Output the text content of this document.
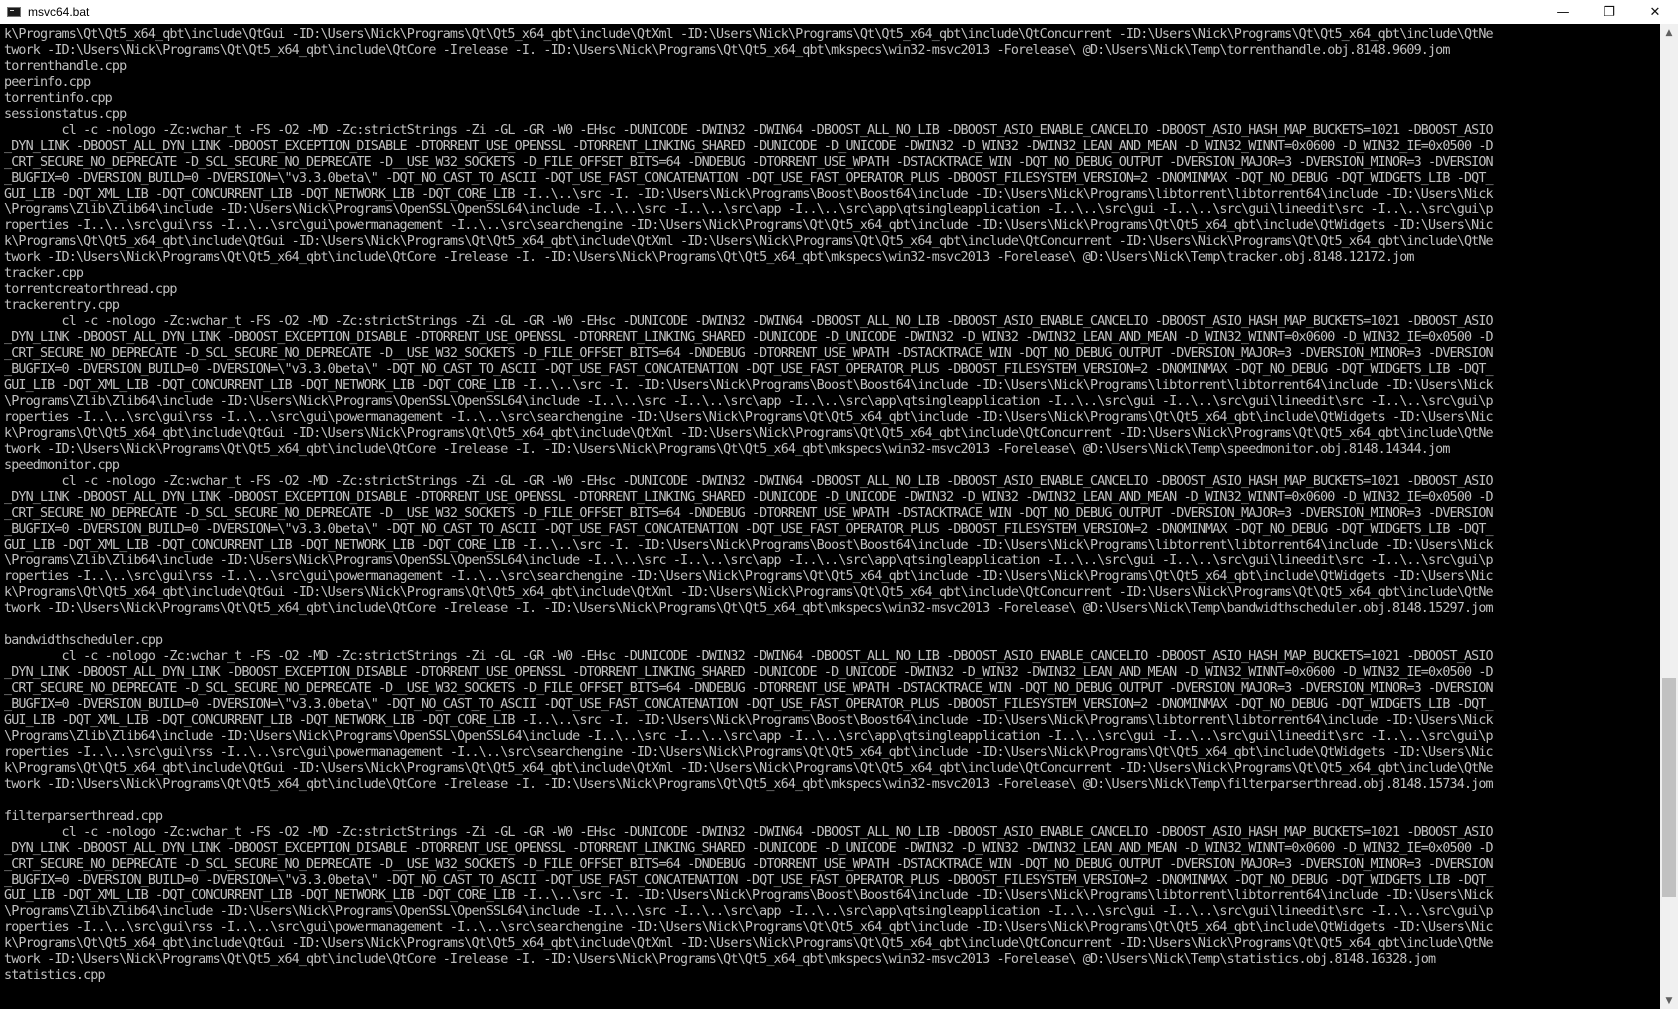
msvc64.bat	—	❐	✕
k\Programs\Qt\Qt5_x64_qbt\include\QtGui -ID:\Users\Nick\Programs\Qt\Qt5_x64_qbt\include\QtXml -ID:\Users\Nick\Programs\Qt\Qt5_x64_qbt\include\QtConcurrent -ID:\Users\Nick\Programs\Qt\Qt5_x64_qbt\include\QtNe
twork -ID:\Users\Nick\Programs\Qt\Qt5_x64_qbt\include\QtCore -Irelease -I. -ID:\Users\Nick\Programs\Qt\Qt5_x64_qbt\mkspecs\win32-msvc2013 -Forelease\ @D:\Users\Nick\Temp\torrenthandle.obj.8148.9609.jom
torrenthandle.cpp
peerinfo.cpp
torrentinfo.cpp
sessionstatus.cpp
cl -c -nologo -Zc:wchar_t -FS -O2 -MD -Zc:strictStrings -Zi -GL -GR -W0 -EHsc -DUNICODE -DWIN32 -DWIN64 -DBOOST_ALL_NO_LIB -DBOOST_ASIO_ENABLE_CANCELIO -DBOOST_ASIO_HASH_MAP_BUCKETS=1021 -DBOOST_ASIO
_DYN_LINK -DBOOST_ALL_DYN_LINK -DBOOST_EXCEPTION_DISABLE -DTORRENT_USE_OPENSSL -DTORRENT_LINKING_SHARED -DUNICODE -D_UNICODE -DWIN32 -D_WIN32 -DWIN32_LEAN_AND_MEAN -D_WIN32_WINNT=0x0600 -D_WIN32_IE=0x0500 -D
_CRT_SECURE_NO_DEPRECATE -D_SCL_SECURE_NO_DEPRECATE -D__USE_W32_SOCKETS -D_FILE_OFFSET_BITS=64 -DNDEBUG -DTORRENT_USE_WPATH -DSTACKTRACE_WIN -DQT_NO_DEBUG_OUTPUT -DVERSION_MAJOR=3 -DVERSION_MINOR=3 -DVERSION
_BUGFIX=0 -DVERSION_BUILD=0 -DVERSION=\"v3.3.0beta\" -DQT_NO_CAST_TO_ASCII -DQT_USE_FAST_CONCATENATION -DQT_USE_FAST_OPERATOR_PLUS -DBOOST_FILESYSTEM_VERSION=2 -DNOMINMAX -DQT_NO_DEBUG -DQT_WIDGETS_LIB -DQT_
GUI_LIB -DQT_XML_LIB -DQT_CONCURRENT_LIB -DQT_NETWORK_LIB -DQT_CORE_LIB -I..\..\src -I. -ID:\Users\Nick\Programs\Boost\Boost64\include -ID:\Users\Nick\Programs\libtorrent\libtorrent64\include -ID:\Users\Nick
\Programs\Zlib\Zlib64\include -ID:\Users\Nick\Programs\OpenSSL\OpenSSL64\include -I..\..\src -I..\..\src\app -I..\..\src\app\qtsingleapplication -I..\..\src\gui -I..\..\src\gui\lineedit\src -I..\..\src\gui\p
roperties -I..\..\src\gui\rss -I..\..\src\gui\powermanagement -I..\..\src\searchengine -ID:\Users\Nick\Programs\Qt\Qt5_x64_qbt\include -ID:\Users\Nick\Programs\Qt\Qt5_x64_qbt\include\QtWidgets -ID:\Users\Nic
k\Programs\Qt\Qt5_x64_qbt\include\QtGui -ID:\Users\Nick\Programs\Qt\Qt5_x64_qbt\include\QtXml -ID:\Users\Nick\Programs\Qt\Qt5_x64_qbt\include\QtConcurrent -ID:\Users\Nick\Programs\Qt\Qt5_x64_qbt\include\QtNe
twork -ID:\Users\Nick\Programs\Qt\Qt5_x64_qbt\include\QtCore -Irelease -I. -ID:\Users\Nick\Programs\Qt\Qt5_x64_qbt\mkspecs\win32-msvc2013 -Forelease\ @D:\Users\Nick\Temp\tracker.obj.8148.12172.jom
tracker.cpp
torrentcreatorthread.cpp
trackerentry.cpp
cl -c -nologo -Zc:wchar_t -FS -O2 -MD -Zc:strictStrings -Zi -GL -GR -W0 -EHsc -DUNICODE -DWIN32 -DWIN64 -DBOOST_ALL_NO_LIB -DBOOST_ASIO_ENABLE_CANCELIO -DBOOST_ASIO_HASH_MAP_BUCKETS=1021 -DBOOST_ASIO
_DYN_LINK -DBOOST_ALL_DYN_LINK -DBOOST_EXCEPTION_DISABLE -DTORRENT_USE_OPENSSL -DTORRENT_LINKING_SHARED -DUNICODE -D_UNICODE -DWIN32 -D_WIN32 -DWIN32_LEAN_AND_MEAN -D_WIN32_WINNT=0x0600 -D_WIN32_IE=0x0500 -D
_CRT_SECURE_NO_DEPRECATE -D_SCL_SECURE_NO_DEPRECATE -D__USE_W32_SOCKETS -D_FILE_OFFSET_BITS=64 -DNDEBUG -DTORRENT_USE_WPATH -DSTACKTRACE_WIN -DQT_NO_DEBUG_OUTPUT -DVERSION_MAJOR=3 -DVERSION_MINOR=3 -DVERSION
_BUGFIX=0 -DVERSION_BUILD=0 -DVERSION=\"v3.3.0beta\" -DQT_NO_CAST_TO_ASCII -DQT_USE_FAST_CONCATENATION -DQT_USE_FAST_OPERATOR_PLUS -DBOOST_FILESYSTEM_VERSION=2 -DNOMINMAX -DQT_NO_DEBUG -DQT_WIDGETS_LIB -DQT_
GUI_LIB -DQT_XML_LIB -DQT_CONCURRENT_LIB -DQT_NETWORK_LIB -DQT_CORE_LIB -I..\..\src -I. -ID:\Users\Nick\Programs\Boost\Boost64\include -ID:\Users\Nick\Programs\libtorrent\libtorrent64\include -ID:\Users\Nick
\Programs\Zlib\Zlib64\include -ID:\Users\Nick\Programs\OpenSSL\OpenSSL64\include -I..\..\src -I..\..\src\app -I..\..\src\app\qtsingleapplication -I..\..\src\gui -I..\..\src\gui\lineedit\src -I..\..\src\gui\p
roperties -I..\..\src\gui\rss -I..\..\src\gui\powermanagement -I..\..\src\searchengine -ID:\Users\Nick\Programs\Qt\Qt5_x64_qbt\include -ID:\Users\Nick\Programs\Qt\Qt5_x64_qbt\include\QtWidgets -ID:\Users\Nic
k\Programs\Qt\Qt5_x64_qbt\include\QtGui -ID:\Users\Nick\Programs\Qt\Qt5_x64_qbt\include\QtXml -ID:\Users\Nick\Programs\Qt\Qt5_x64_qbt\include\QtConcurrent -ID:\Users\Nick\Programs\Qt\Qt5_x64_qbt\include\QtNe
twork -ID:\Users\Nick\Programs\Qt\Qt5_x64_qbt\include\QtCore -Irelease -I. -ID:\Users\Nick\Programs\Qt\Qt5_x64_qbt\mkspecs\win32-msvc2013 -Forelease\ @D:\Users\Nick\Temp\speedmonitor.obj.8148.14344.jom
speedmonitor.cpp
cl -c -nologo -Zc:wchar_t -FS -O2 -MD -Zc:strictStrings -Zi -GL -GR -W0 -EHsc -DUNICODE -DWIN32 -DWIN64 -DBOOST_ALL_NO_LIB -DBOOST_ASIO_ENABLE_CANCELIO -DBOOST_ASIO_HASH_MAP_BUCKETS=1021 -DBOOST_ASIO
_DYN_LINK -DBOOST_ALL_DYN_LINK -DBOOST_EXCEPTION_DISABLE -DTORRENT_USE_OPENSSL -DTORRENT_LINKING_SHARED -DUNICODE -D_UNICODE -DWIN32 -D_WIN32 -DWIN32_LEAN_AND_MEAN -D_WIN32_WINNT=0x0600 -D_WIN32_IE=0x0500 -D
_CRT_SECURE_NO_DEPRECATE -D_SCL_SECURE_NO_DEPRECATE -D__USE_W32_SOCKETS -D_FILE_OFFSET_BITS=64 -DNDEBUG -DTORRENT_USE_WPATH -DSTACKTRACE_WIN -DQT_NO_DEBUG_OUTPUT -DVERSION_MAJOR=3 -DVERSION_MINOR=3 -DVERSION
_BUGFIX=0 -DVERSION_BUILD=0 -DVERSION=\"v3.3.0beta\" -DQT_NO_CAST_TO_ASCII -DQT_USE_FAST_CONCATENATION -DQT_USE_FAST_OPERATOR_PLUS -DBOOST_FILESYSTEM_VERSION=2 -DNOMINMAX -DQT_NO_DEBUG -DQT_WIDGETS_LIB -DQT_
GUI_LIB -DQT_XML_LIB -DQT_CONCURRENT_LIB -DQT_NETWORK_LIB -DQT_CORE_LIB -I..\..\src -I. -ID:\Users\Nick\Programs\Boost\Boost64\include -ID:\Users\Nick\Programs\libtorrent\libtorrent64\include -ID:\Users\Nick
\Programs\Zlib\Zlib64\include -ID:\Users\Nick\Programs\OpenSSL\OpenSSL64\include -I..\..\src -I..\..\src\app -I..\..\src\app\qtsingleapplication -I..\..\src\gui -I..\..\src\gui\lineedit\src -I..\..\src\gui\p
roperties -I..\..\src\gui\rss -I..\..\src\gui\powermanagement -I..\..\src\searchengine -ID:\Users\Nick\Programs\Qt\Qt5_x64_qbt\include -ID:\Users\Nick\Programs\Qt\Qt5_x64_qbt\include\QtWidgets -ID:\Users\Nic
k\Programs\Qt\Qt5_x64_qbt\include\QtGui -ID:\Users\Nick\Programs\Qt\Qt5_x64_qbt\include\QtXml -ID:\Users\Nick\Programs\Qt\Qt5_x64_qbt\include\QtConcurrent -ID:\Users\Nick\Programs\Qt\Qt5_x64_qbt\include\QtNe
twork -ID:\Users\Nick\Programs\Qt\Qt5_x64_qbt\include\QtCore -Irelease -I. -ID:\Users\Nick\Programs\Qt\Qt5_x64_qbt\mkspecs\win32-msvc2013 -Forelease\ @D:\Users\Nick\Temp\bandwidthscheduler.obj.8148.15297.jom

bandwidthscheduler.cpp
cl -c -nologo -Zc:wchar_t -FS -O2 -MD -Zc:strictStrings -Zi -GL -GR -W0 -EHsc -DUNICODE -DWIN32 -DWIN64 -DBOOST_ALL_NO_LIB -DBOOST_ASIO_ENABLE_CANCELIO -DBOOST_ASIO_HASH_MAP_BUCKETS=1021 -DBOOST_ASIO
_DYN_LINK -DBOOST_ALL_DYN_LINK -DBOOST_EXCEPTION_DISABLE -DTORRENT_USE_OPENSSL -DTORRENT_LINKING_SHARED -DUNICODE -D_UNICODE -DWIN32 -D_WIN32 -DWIN32_LEAN_AND_MEAN -D_WIN32_WINNT=0x0600 -D_WIN32_IE=0x0500 -D
_CRT_SECURE_NO_DEPRECATE -D_SCL_SECURE_NO_DEPRECATE -D__USE_W32_SOCKETS -D_FILE_OFFSET_BITS=64 -DNDEBUG -DTORRENT_USE_WPATH -DSTACKTRACE_WIN -DQT_NO_DEBUG_OUTPUT -DVERSION_MAJOR=3 -DVERSION_MINOR=3 -DVERSION
_BUGFIX=0 -DVERSION_BUILD=0 -DVERSION=\"v3.3.0beta\" -DQT_NO_CAST_TO_ASCII -DQT_USE_FAST_CONCATENATION -DQT_USE_FAST_OPERATOR_PLUS -DBOOST_FILESYSTEM_VERSION=2 -DNOMINMAX -DQT_NO_DEBUG -DQT_WIDGETS_LIB -DQT_
GUI_LIB -DQT_XML_LIB -DQT_CONCURRENT_LIB -DQT_NETWORK_LIB -DQT_CORE_LIB -I..\..\src -I. -ID:\Users\Nick\Programs\Boost\Boost64\include -ID:\Users\Nick\Programs\libtorrent\libtorrent64\include -ID:\Users\Nick
\Programs\Zlib\Zlib64\include -ID:\Users\Nick\Programs\OpenSSL\OpenSSL64\include -I..\..\src -I..\..\src\app -I..\..\src\app\qtsingleapplication -I..\..\src\gui -I..\..\src\gui\lineedit\src -I..\..\src\gui\p
roperties -I..\..\src\gui\rss -I..\..\src\gui\powermanagement -I..\..\src\searchengine -ID:\Users\Nick\Programs\Qt\Qt5_x64_qbt\include -ID:\Users\Nick\Programs\Qt\Qt5_x64_qbt\include\QtWidgets -ID:\Users\Nic
k\Programs\Qt\Qt5_x64_qbt\include\QtGui -ID:\Users\Nick\Programs\Qt\Qt5_x64_qbt\include\QtXml -ID:\Users\Nick\Programs\Qt\Qt5_x64_qbt\include\QtConcurrent -ID:\Users\Nick\Programs\Qt\Qt5_x64_qbt\include\QtNe
twork -ID:\Users\Nick\Programs\Qt\Qt5_x64_qbt\include\QtCore -Irelease -I. -ID:\Users\Nick\Programs\Qt\Qt5_x64_qbt\mkspecs\win32-msvc2013 -Forelease\ @D:\Users\Nick\Temp\filterparserthread.obj.8148.15734.jom

filterparserthread.cpp
cl -c -nologo -Zc:wchar_t -FS -O2 -MD -Zc:strictStrings -Zi -GL -GR -W0 -EHsc -DUNICODE -DWIN32 -DWIN64 -DBOOST_ALL_NO_LIB -DBOOST_ASIO_ENABLE_CANCELIO -DBOOST_ASIO_HASH_MAP_BUCKETS=1021 -DBOOST_ASIO
_DYN_LINK -DBOOST_ALL_DYN_LINK -DBOOST_EXCEPTION_DISABLE -DTORRENT_USE_OPENSSL -DTORRENT_LINKING_SHARED -DUNICODE -D_UNICODE -DWIN32 -D_WIN32 -DWIN32_LEAN_AND_MEAN -D_WIN32_WINNT=0x0600 -D_WIN32_IE=0x0500 -D
_CRT_SECURE_NO_DEPRECATE -D_SCL_SECURE_NO_DEPRECATE -D__USE_W32_SOCKETS -D_FILE_OFFSET_BITS=64 -DNDEBUG -DTORRENT_USE_WPATH -DSTACKTRACE_WIN -DQT_NO_DEBUG_OUTPUT -DVERSION_MAJOR=3 -DVERSION_MINOR=3 -DVERSION
_BUGFIX=0 -DVERSION_BUILD=0 -DVERSION=\"v3.3.0beta\" -DQT_NO_CAST_TO_ASCII -DQT_USE_FAST_CONCATENATION -DQT_USE_FAST_OPERATOR_PLUS -DBOOST_FILESYSTEM_VERSION=2 -DNOMINMAX -DQT_NO_DEBUG -DQT_WIDGETS_LIB -DQT_
GUI_LIB -DQT_XML_LIB -DQT_CONCURRENT_LIB -DQT_NETWORK_LIB -DQT_CORE_LIB -I..\..\src -I. -ID:\Users\Nick\Programs\Boost\Boost64\include -ID:\Users\Nick\Programs\libtorrent\libtorrent64\include -ID:\Users\Nick
\Programs\Zlib\Zlib64\include -ID:\Users\Nick\Programs\OpenSSL\OpenSSL64\include -I..\..\src -I..\..\src\app -I..\..\src\app\qtsingleapplication -I..\..\src\gui -I..\..\src\gui\lineedit\src -I..\..\src\gui\p
roperties -I..\..\src\gui\rss -I..\..\src\gui\powermanagement -I..\..\src\searchengine -ID:\Users\Nick\Programs\Qt\Qt5_x64_qbt\include -ID:\Users\Nick\Programs\Qt\Qt5_x64_qbt\include\QtWidgets -ID:\Users\Nic
k\Programs\Qt\Qt5_x64_qbt\include\QtGui -ID:\Users\Nick\Programs\Qt\Qt5_x64_qbt\include\QtXml -ID:\Users\Nick\Programs\Qt\Qt5_x64_qbt\include\QtConcurrent -ID:\Users\Nick\Programs\Qt\Qt5_x64_qbt\include\QtNe
twork -ID:\Users\Nick\Programs\Qt\Qt5_x64_qbt\include\QtCore -Irelease -I. -ID:\Users\Nick\Programs\Qt\Qt5_x64_qbt\mkspecs\win32-msvc2013 -Forelease\ @D:\Users\Nick\Temp\statistics.obj.8148.16328.jom
statistics.cpp
▲
▼
